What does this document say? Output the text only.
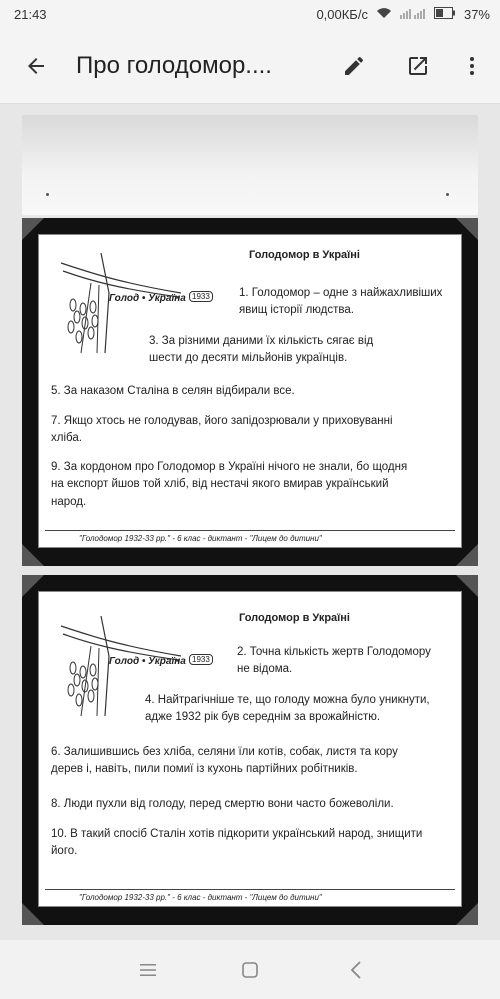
21:43	0,00КБ/с	37%
Про голодомор....
Голодомор в Україні
Голод • Україна 1933	1. Голодомор – одне з найжахливіших
явищ історії людства.
3. За різними даними їх кількість сягає від
шести до десяти мільйонів українців.
5. За наказом Сталіна в селян відбирали все.
7. Якщо хтось не голодував, його запідозрювали у приховуванні
хліба.
9. За кордоном про Голодомор в Україні нічого не знали, бо щодня
на експорт йшов той хліб, від нестачі якого вмирав український
народ.
"Голодомор 1932-33 рр." - 6 клас - диктант - "Лицем до дитини"
Голодомор в Україні
Голод • Україна 1933
2. Точна кількість жертв Голодомору
не відома.
4. Найтрагічніше те, що голоду можна було уникнути,
адже 1932 рік був середнім за врожайністю.
6. Залишившись без хліба, селяни їли котів, собак, листя та кору
дерев і, навіть, пили помиї із кухонь партійних робітників.
8. Люди пухли від голоду, перед смертю вони часто божеволіли.
10. В такий спосіб Сталін хотів підкорити український народ, знищити
його.
"Голодомор 1932-33 рр." - 6 клас - диктант - "Лицем до дитини"
